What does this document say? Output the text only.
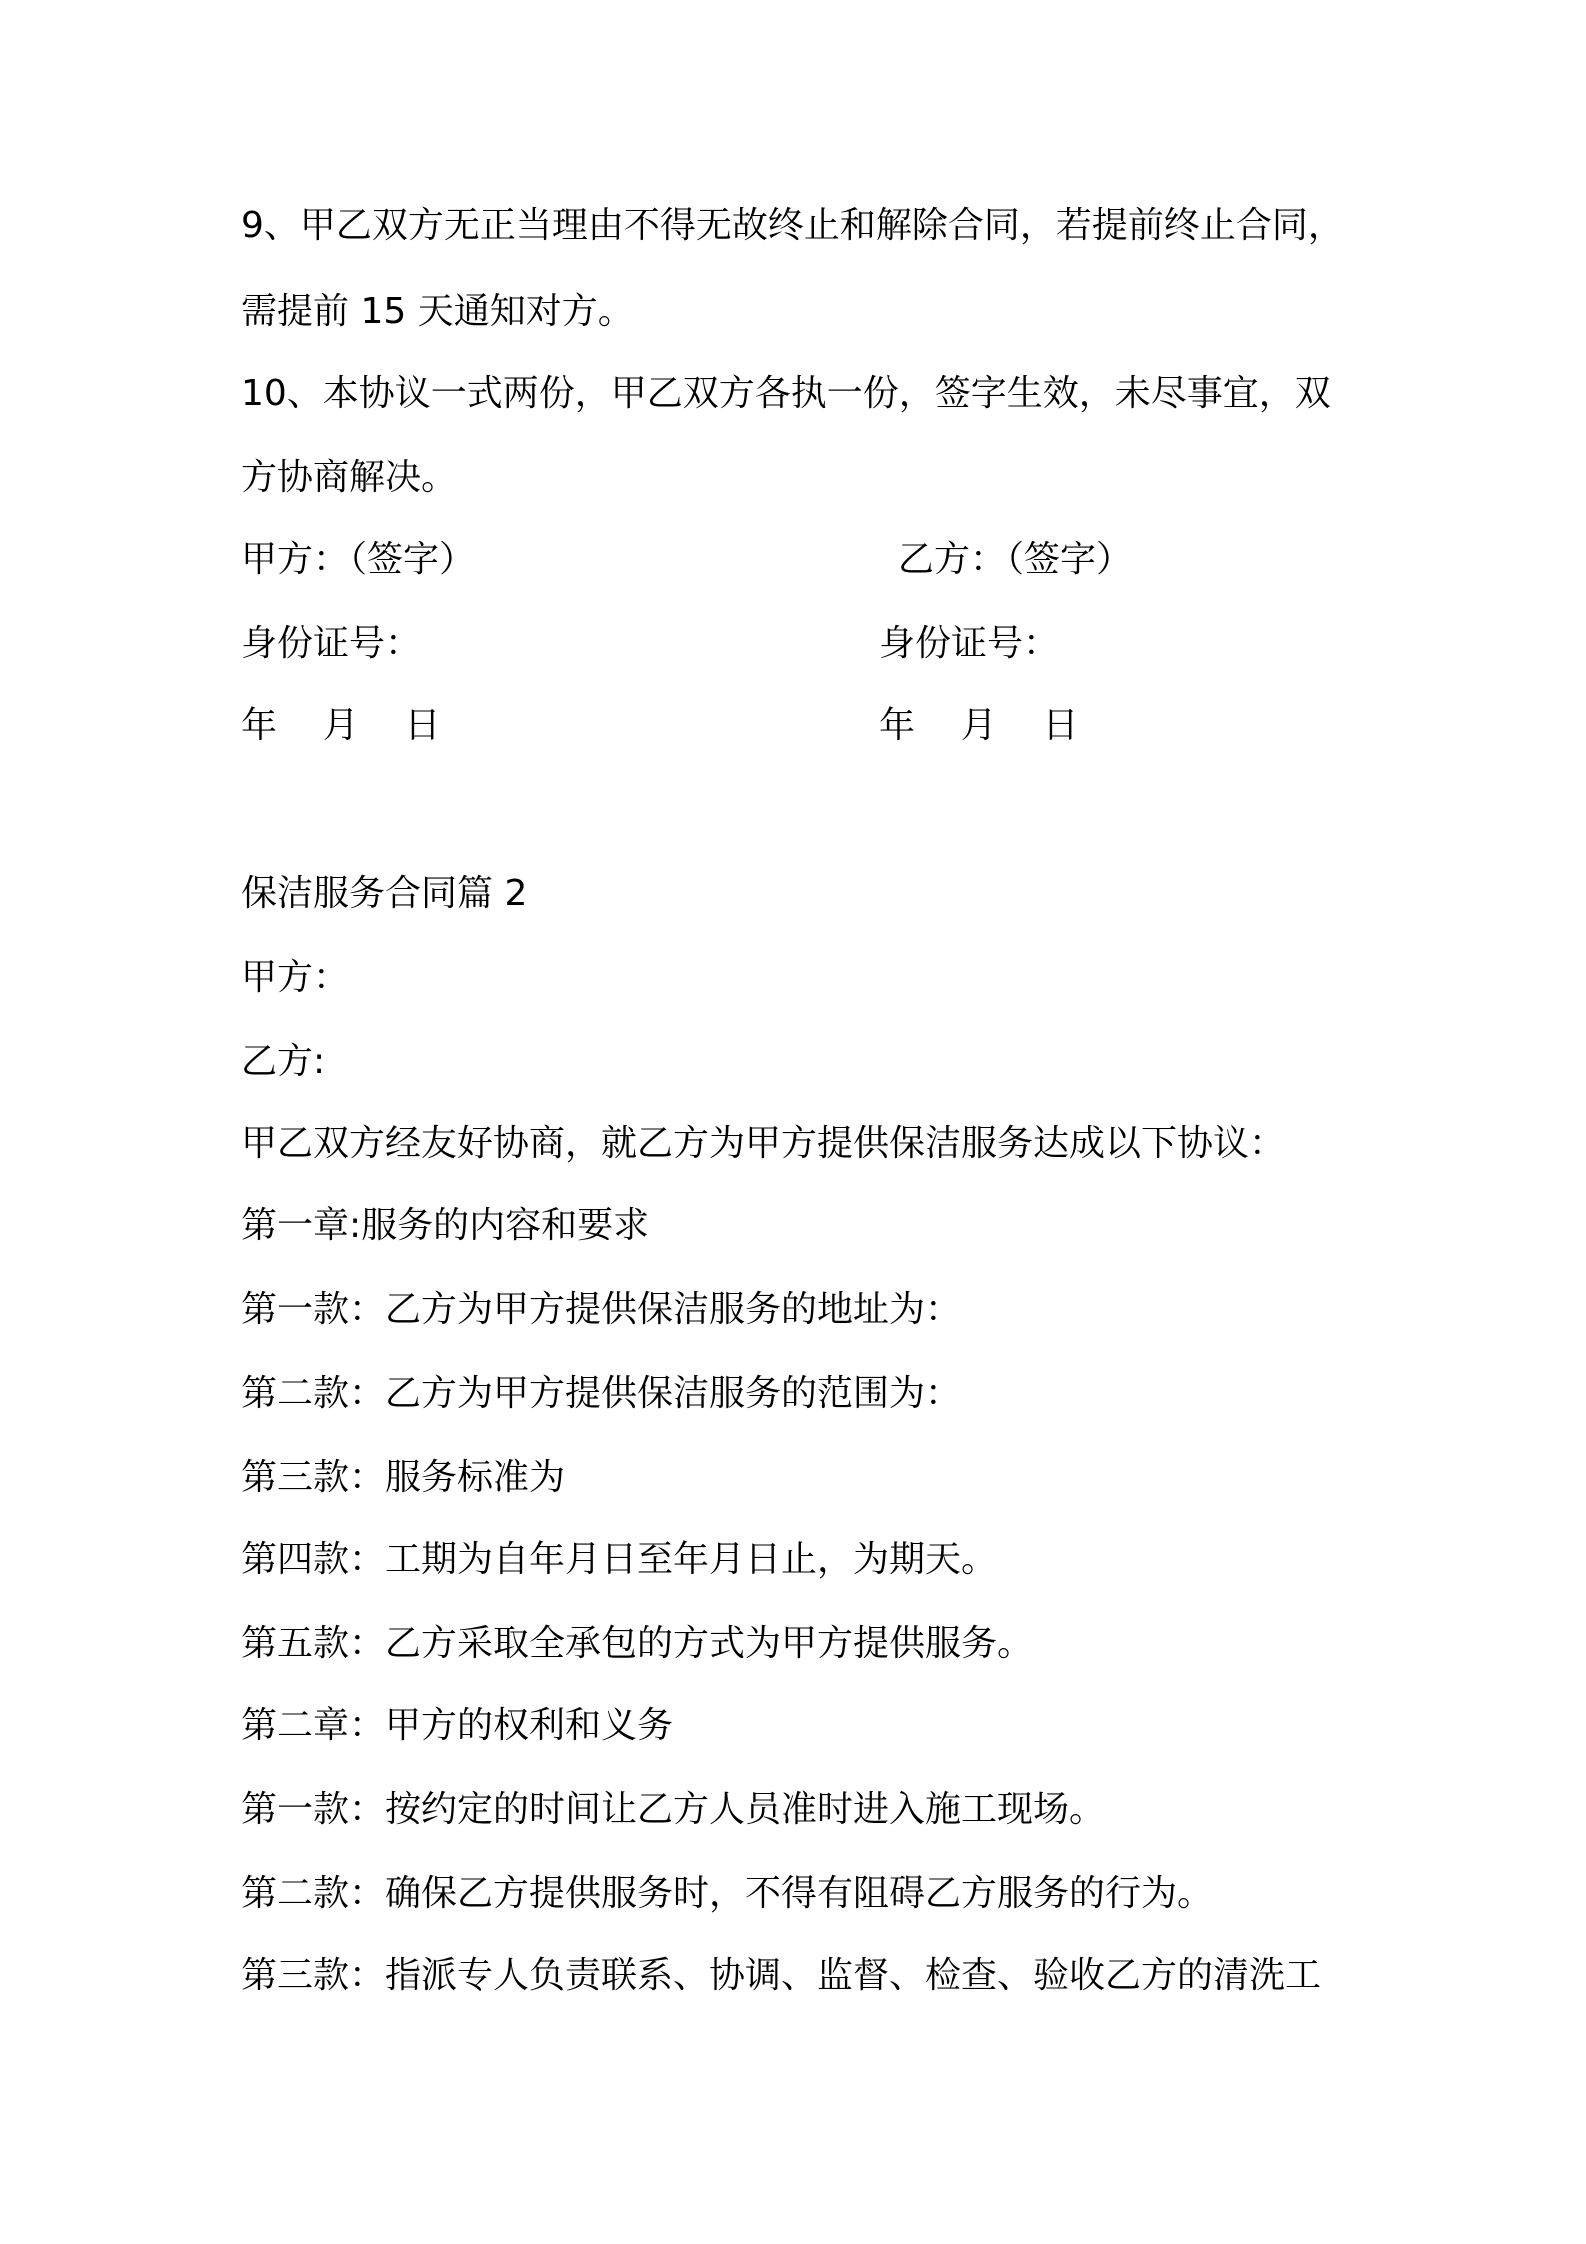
9、甲乙双方无正当理由不得无故终止和解除合同，若提前终止合同，
需提前 15 天通知对方。
10、本协议一式两份，甲乙双方各执一份，签字生效，未尽事宜，双
方协商解决。
甲方：（签字）	乙方：（签字）
身份证号：	身份证号：
年    月    日	年    月    日
保洁服务合同篇 2
甲方：
乙方:
甲乙双方经友好协商，就乙方为甲方提供保洁服务达成以下协议：
第一章:服务的内容和要求
第一款：乙方为甲方提供保洁服务的地址为：
第二款：乙方为甲方提供保洁服务的范围为：
第三款：服务标准为
第四款：工期为自年月日至年月日止，为期天。
第五款：乙方采取全承包的方式为甲方提供服务。
第二章：甲方的权利和义务
第一款：按约定的时间让乙方人员准时进入施工现场。
第二款：确保乙方提供服务时，不得有阻碍乙方服务的行为。
第三款：指派专人负责联系、协调、监督、检查、验收乙方的清洗工
